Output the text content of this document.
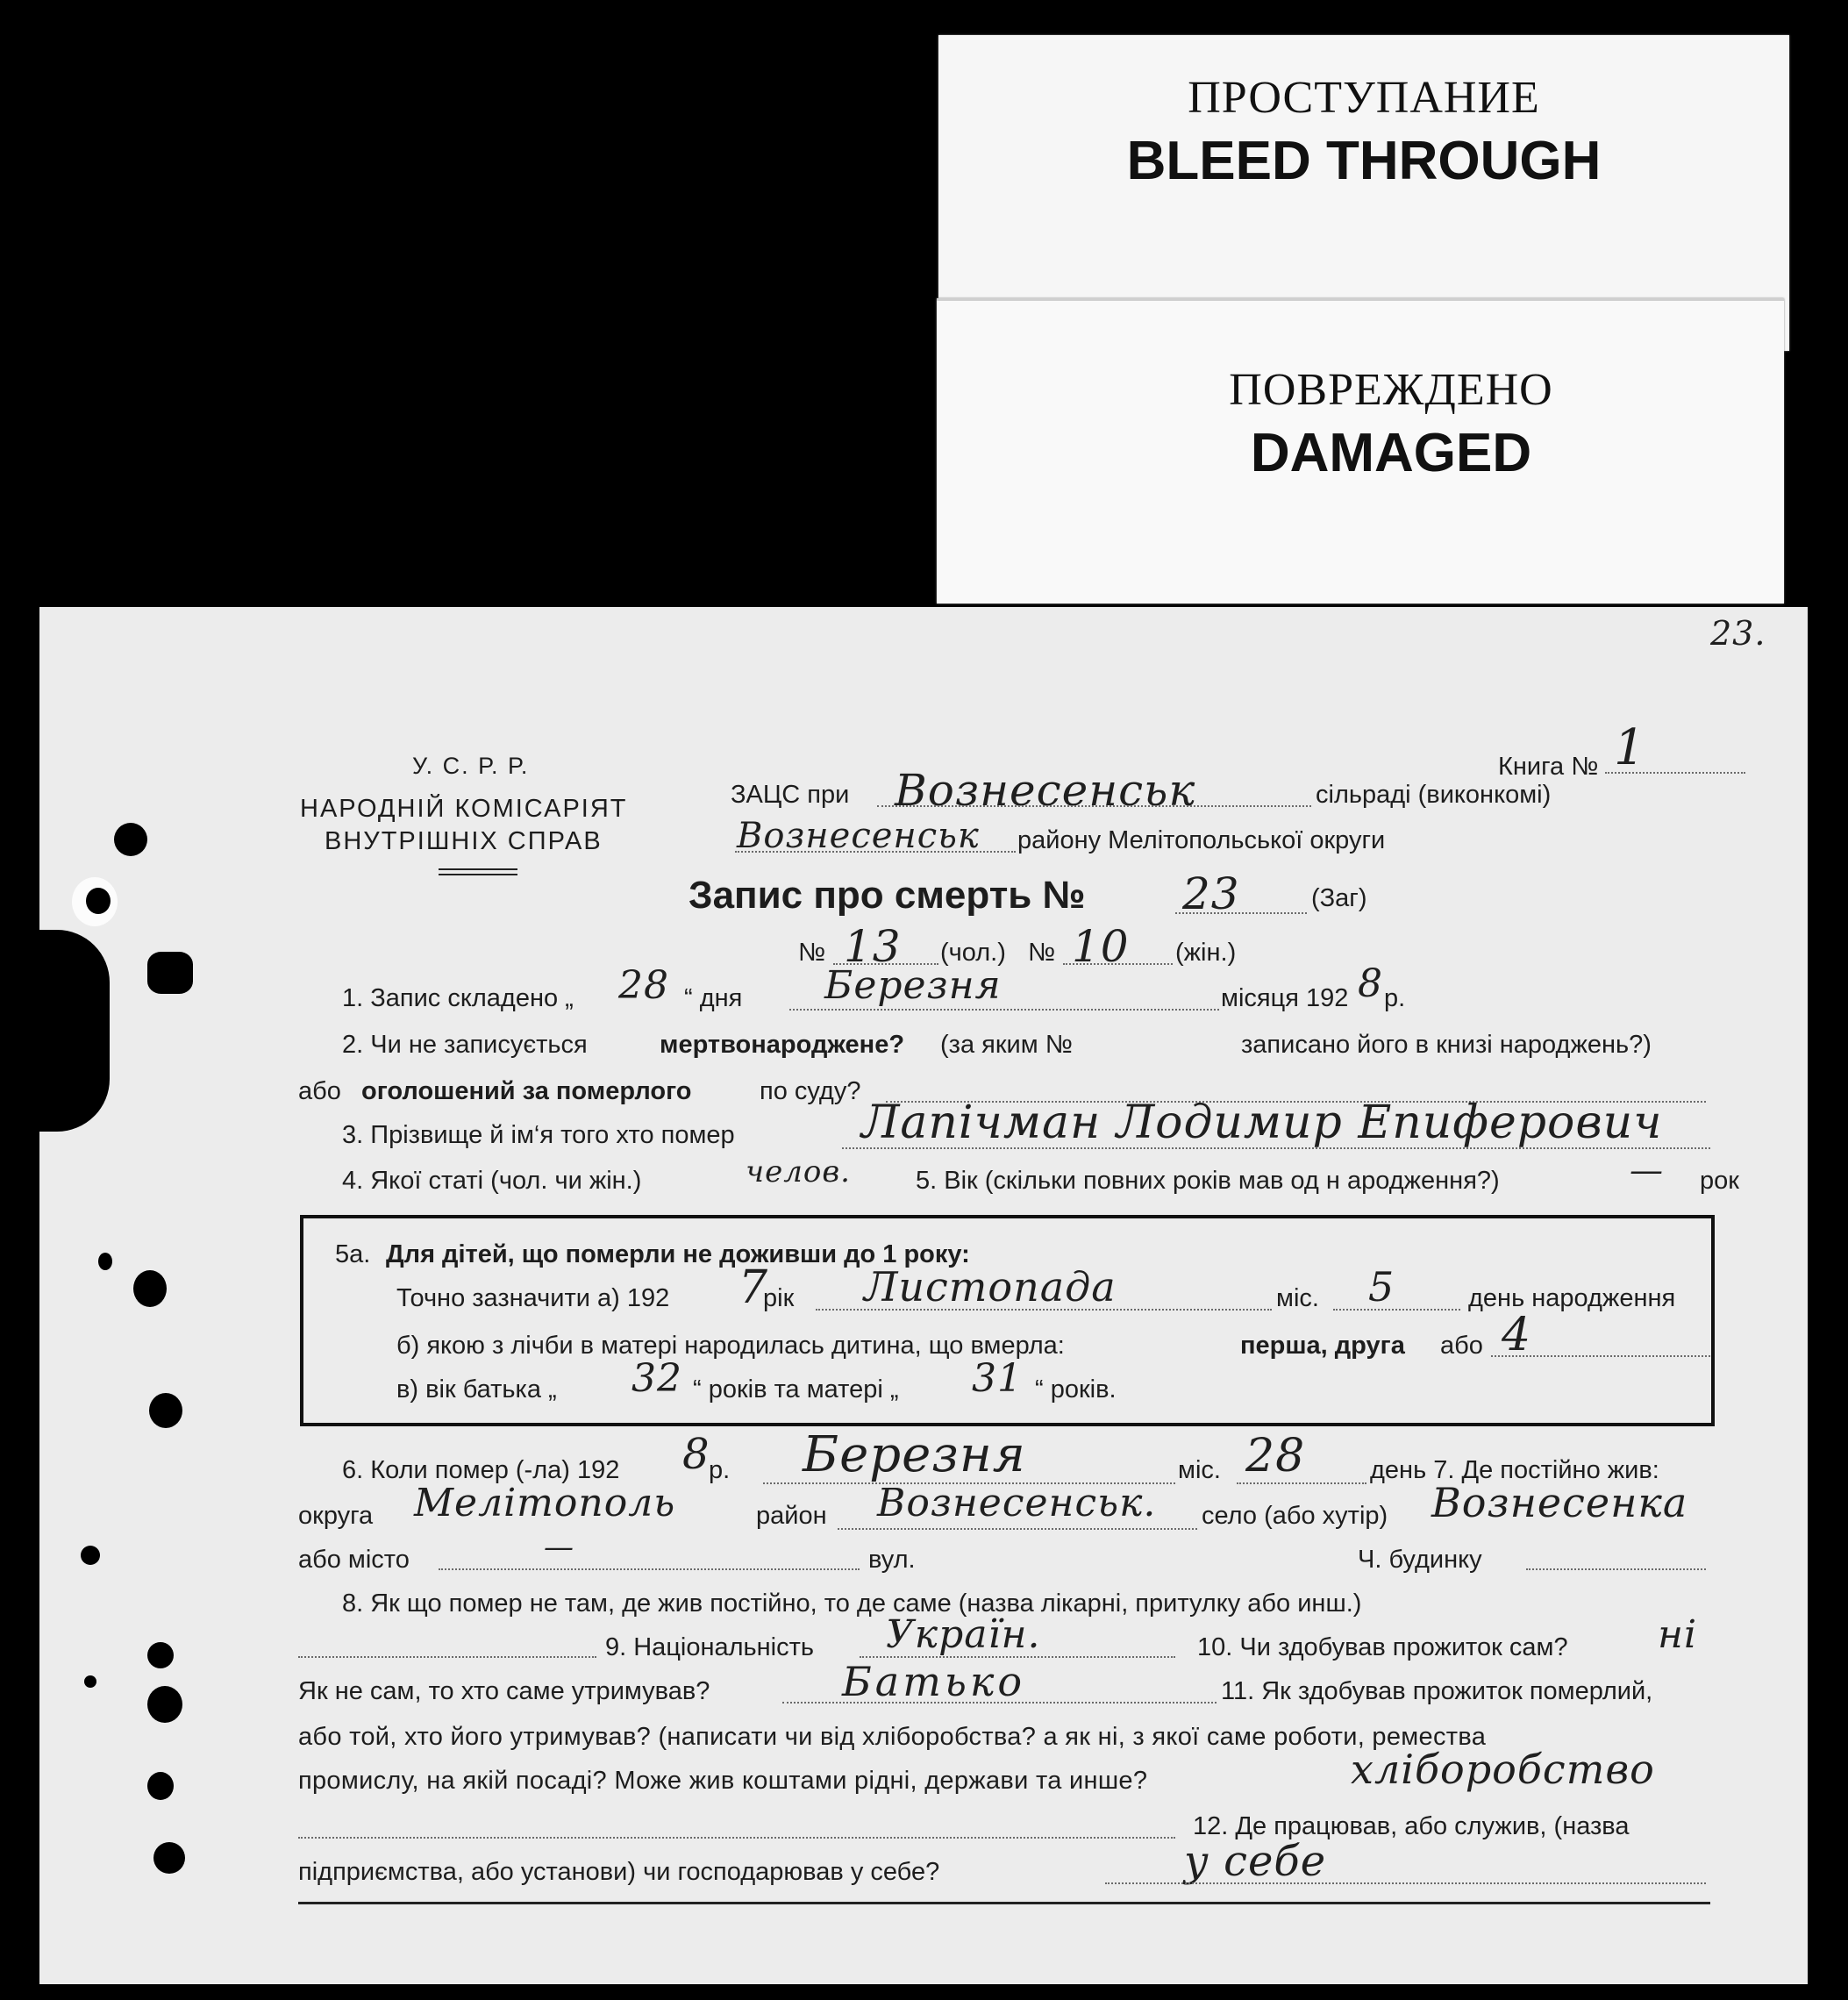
ПРОСТУПАНИЕ
BLEED THROUGH
ПОВРЕЖДЕНО
DAMAGED
23.
У. С. Р. Р.
НАРОДНІЙ КОМІСАРІЯТ
ВНУТРІШНІХ СПРАВ
Книга № 1
ЗАЦС при Вознесенськ	сільраді (виконкомі)
Вознесенськ району Мелітопольської округи
Запис про смерть № 23	(Заг)
№ 13 (чол.) № 10 (жін.)
1. Запис складено „ 28 “ дня Березня	місяця 192 8 р.
2. Чи не записується	мертвонароджене? (за яким №	записано його в книзі народжень?)
або оголошений за померлого	по суду?
3. Прізвище й ім‘я того хто помер	Лапічман Лодимир Епиферович
4. Якої статі (чол. чи жін.)	челов.	5. Вік (скільки повних років мав од н ародження?)	— рок
5а. Для дітей, що померли не доживши до 1 року:
Точно зазначити а) 192 7
рік Листопада	міс. 5	день народження
б) якою з лічби в матері народилась дитина, що вмерла:	перша, друга або 4
в) вік батька „ 32 “ років та матері „ 31 “ років.
6. Коли помер (-ла) 192 8
р. Березня	міс. 28	день 7. Де постійно жив:
округа Мелітополь	район Вознесенськ. село (або хутір) Вознесенка
або місто	—	вул.	Ч. будинку
8. Як що помер не там, де жив постійно, то де саме (назва лікарні, притулку або инш.)
9. Національність Україн.	10. Чи здобував прожиток сам? ні
Як не сам, то хто саме утримував?	Батько	11. Як здобував прожиток померлий,
або той, хто його утримував? (написати чи від хліборобства? а як ні, з якої саме роботи, ремества
промислу, на якій посаді? Може жив коштами рідні, держави та инше?	хліборобство
12. Де працював, або служив, (назва
підприємства, або установи) чи господарював у себе?	у себе
